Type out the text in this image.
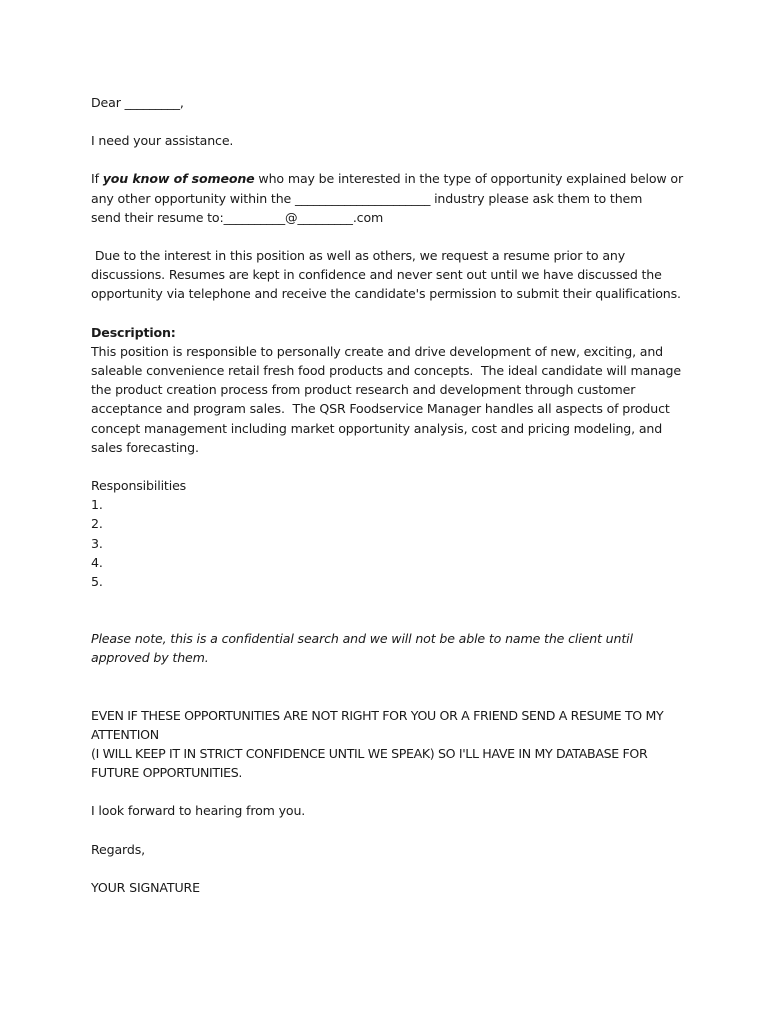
Dear _________,
I need your assistance.
If you know of someone who may be interested in the type of opportunity explained below or
any other opportunity within the ______________________ industry please ask them to them
send their resume to:__________@_________.com
Due to the interest in this position as well as others, we request a resume prior to any
discussions. Resumes are kept in confidence and never sent out until we have discussed the
opportunity via telephone and receive the candidate's permission to submit their qualifications.
Description:
This position is responsible to personally create and drive development of new, exciting, and
saleable convenience retail fresh food products and concepts.  The ideal candidate will manage
the product creation process from product research and development through customer
acceptance and program sales.  The QSR Foodservice Manager handles all aspects of product
concept management including market opportunity analysis, cost and pricing modeling, and
sales forecasting.
Responsibilities
1.
2.
3.
4.
5.
Please note, this is a confidential search and we will not be able to name the client until
approved by them.
EVEN IF THESE OPPORTUNITIES ARE NOT RIGHT FOR YOU OR A FRIEND SEND A RESUME TO MY
ATTENTION
(I WILL KEEP IT IN STRICT CONFIDENCE UNTIL WE SPEAK) SO I'LL HAVE IN MY DATABASE FOR
FUTURE OPPORTUNITIES.
I look forward to hearing from you.
Regards,
YOUR SIGNATURE
